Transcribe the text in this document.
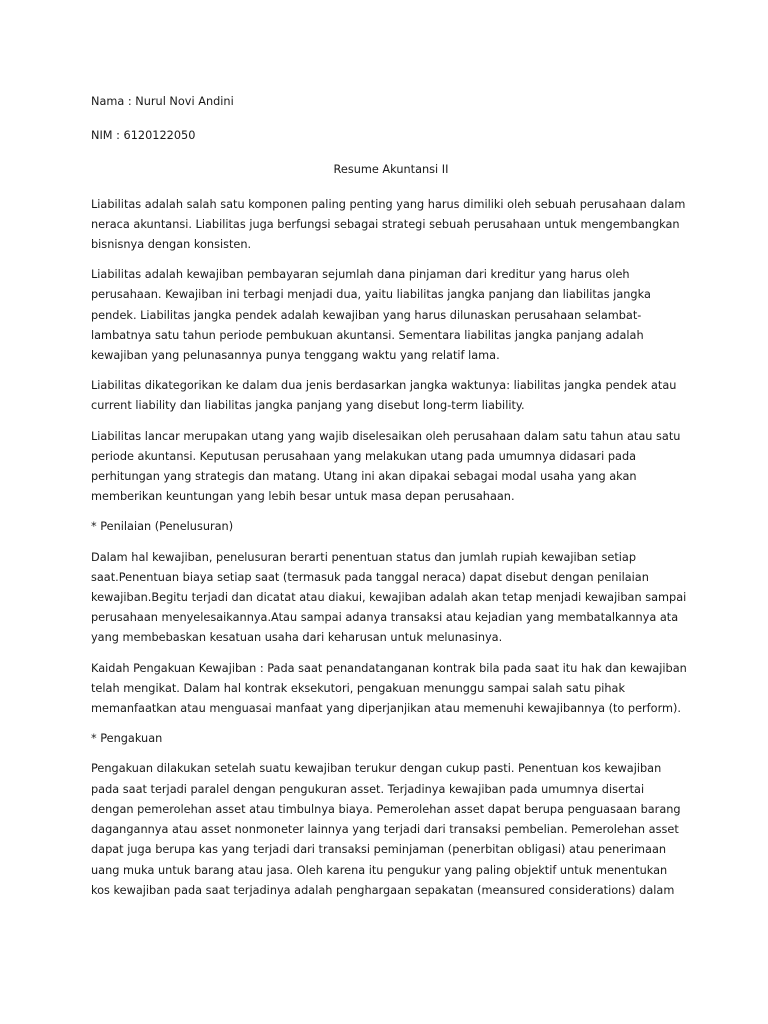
Nama : Nurul Novi Andini

NIM : 6120122050

Resume Akuntansi II

Liabilitas adalah salah satu komponen paling penting yang harus dimiliki oleh sebuah perusahaan dalam
neraca akuntansi. Liabilitas juga berfungsi sebagai strategi sebuah perusahaan untuk mengembangkan
bisnisnya dengan konsisten.

Liabilitas adalah kewajiban pembayaran sejumlah dana pinjaman dari kreditur yang harus oleh
perusahaan. Kewajiban ini terbagi menjadi dua, yaitu liabilitas jangka panjang dan liabilitas jangka
pendek. Liabilitas jangka pendek adalah kewajiban yang harus dilunaskan perusahaan selambat-
lambatnya satu tahun periode pembukuan akuntansi. Sementara liabilitas jangka panjang adalah
kewajiban yang pelunasannya punya tenggang waktu yang relatif lama.

Liabilitas dikategorikan ke dalam dua jenis berdasarkan jangka waktunya: liabilitas jangka pendek atau
current liability dan liabilitas jangka panjang yang disebut long-term liability.

Liabilitas lancar merupakan utang yang wajib diselesaikan oleh perusahaan dalam satu tahun atau satu
periode akuntansi. Keputusan perusahaan yang melakukan utang pada umumnya didasari pada
perhitungan yang strategis dan matang. Utang ini akan dipakai sebagai modal usaha yang akan
memberikan keuntungan yang lebih besar untuk masa depan perusahaan.

* Penilaian (Penelusuran)

Dalam hal kewajiban, penelusuran berarti penentuan status dan jumlah rupiah kewajiban setiap
saat.Penentuan biaya setiap saat (termasuk pada tanggal neraca) dapat disebut dengan penilaian
kewajiban.Begitu terjadi dan dicatat atau diakui, kewajiban adalah akan tetap menjadi kewajiban sampai
perusahaan menyelesaikannya.Atau sampai adanya transaksi atau kejadian yang membatalkannya ata
yang membebaskan kesatuan usaha dari keharusan untuk melunasinya.

Kaidah Pengakuan Kewajiban : Pada saat penandatanganan kontrak bila pada saat itu hak dan kewajiban
telah mengikat. Dalam hal kontrak eksekutori, pengakuan menunggu sampai salah satu pihak
memanfaatkan atau menguasai manfaat yang diperjanjikan atau memenuhi kewajibannya (to perform).

* Pengakuan

Pengakuan dilakukan setelah suatu kewajiban terukur dengan cukup pasti. Penentuan kos kewajiban
pada saat terjadi paralel dengan pengukuran asset. Terjadinya kewajiban pada umumnya disertai
dengan pemerolehan asset atau timbulnya biaya. Pemerolehan asset dapat berupa penguasaan barang
dagangannya atau asset nonmoneter lainnya yang terjadi dari transaksi pembelian. Pemerolehan asset
dapat juga berupa kas yang terjadi dari transaksi peminjaman (penerbitan obligasi) atau penerimaan
uang muka untuk barang atau jasa. Oleh karena itu pengukur yang paling objektif untuk menentukan
kos kewajiban pada saat terjadinya adalah penghargaan sepakatan (meansured considerations) dalam
